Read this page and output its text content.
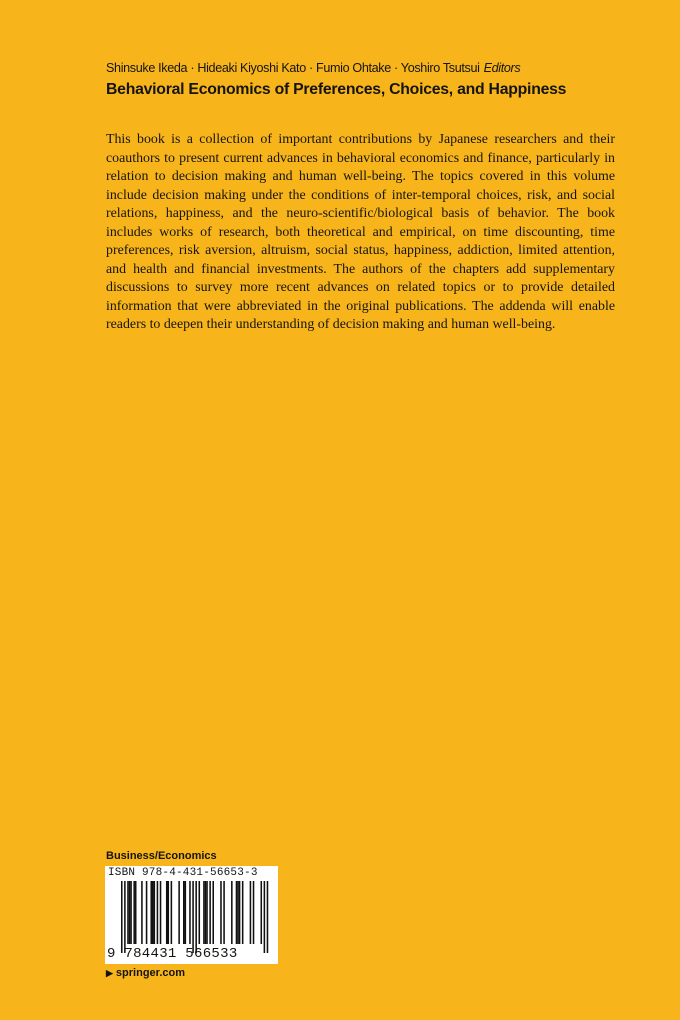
Shinsuke Ikeda · Hideaki Kiyoshi Kato · Fumio Ohtake · Yoshiro Tsutsui Editors
Behavioral Economics of Preferences, Choices, and Happiness

This book is a collection of important contributions by Japanese researchers and their coauthors to present current advances in behavioral economics and finance, particularly in relation to decision making and human well-being. The topics covered in this volume include decision making under the conditions of inter-temporal choices, risk, and social relations, happiness, and the neuro-scientific/biological basis of behavior. The book includes works of research, both theoretical and empirical, on time discounting, time preferences, risk aversion, altruism, social status, happiness, addiction, limited attention, and health and financial investments. The authors of the chapters add supplementary discussions to survey more recent advances on related topics or to provide detailed information that were abbreviated in the original publications. The addenda will enable readers to deepen their understanding of decision making and human well-being.

Business/Economics
ISBN 978-4-431-56653-3
9 784431 566533
▶ springer.com
